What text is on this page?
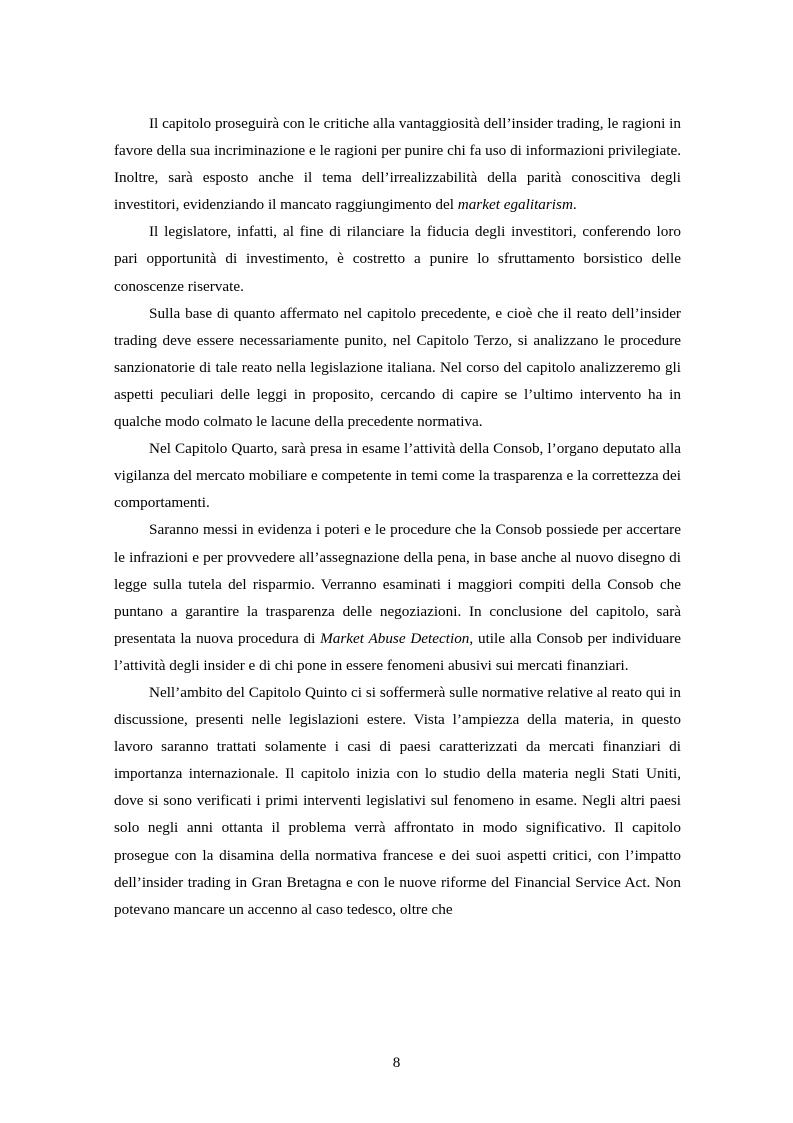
Il capitolo proseguirà con le critiche alla vantaggiosità dell’insider trading, le ragioni in favore della sua incriminazione e le ragioni per punire chi fa uso di informazioni privilegiate. Inoltre, sarà esposto anche il tema dell’irrealizzabilità della parità conoscitiva degli investitori, evidenziando il mancato raggiungimento del market egalitarism.

Il legislatore, infatti, al fine di rilanciare la fiducia degli investitori, conferendo loro pari opportunità di investimento, è costretto a punire lo sfruttamento borsistico delle conoscenze riservate.

Sulla base di quanto affermato nel capitolo precedente, e cioè che il reato dell’insider trading deve essere necessariamente punito, nel Capitolo Terzo, si analizzano le procedure sanzionatorie di tale reato nella legislazione italiana. Nel corso del capitolo analizzeremo gli aspetti peculiari delle leggi in proposito, cercando di capire se l’ultimo intervento ha in qualche modo colmato le lacune della precedente normativa.

Nel Capitolo Quarto, sarà presa in esame l’attività della Consob, l’organo deputato alla vigilanza del mercato mobiliare e competente in temi come la trasparenza e la correttezza dei comportamenti.

Saranno messi in evidenza i poteri e le procedure che la Consob possiede per accertare le infrazioni e per provvedere all’assegnazione della pena, in base anche al nuovo disegno di legge sulla tutela del risparmio. Verranno esaminati i maggiori compiti della Consob che puntano a garantire la trasparenza delle negoziazioni. In conclusione del capitolo, sarà presentata la nuova procedura di Market Abuse Detection, utile alla Consob per individuare l’attività degli insider e di chi pone in essere fenomeni abusivi sui mercati finanziari.

Nell’ambito del Capitolo Quinto ci si soffermerà sulle normative relative al reato qui in discussione, presenti nelle legislazioni estere. Vista l’ampiezza della materia, in questo lavoro saranno trattati solamente i casi di paesi caratterizzati da mercati finanziari di importanza internazionale. Il capitolo inizia con lo studio della materia negli Stati Uniti, dove si sono verificati i primi interventi legislativi sul fenomeno in esame. Negli altri paesi solo negli anni ottanta il problema verrà affrontato in modo significativo. Il capitolo prosegue con la disamina della normativa francese e dei suoi aspetti critici, con l’impatto dell’insider trading in Gran Bretagna e con le nuove riforme del Financial Service Act. Non potevano mancare un accenno al caso tedesco, oltre che

8
